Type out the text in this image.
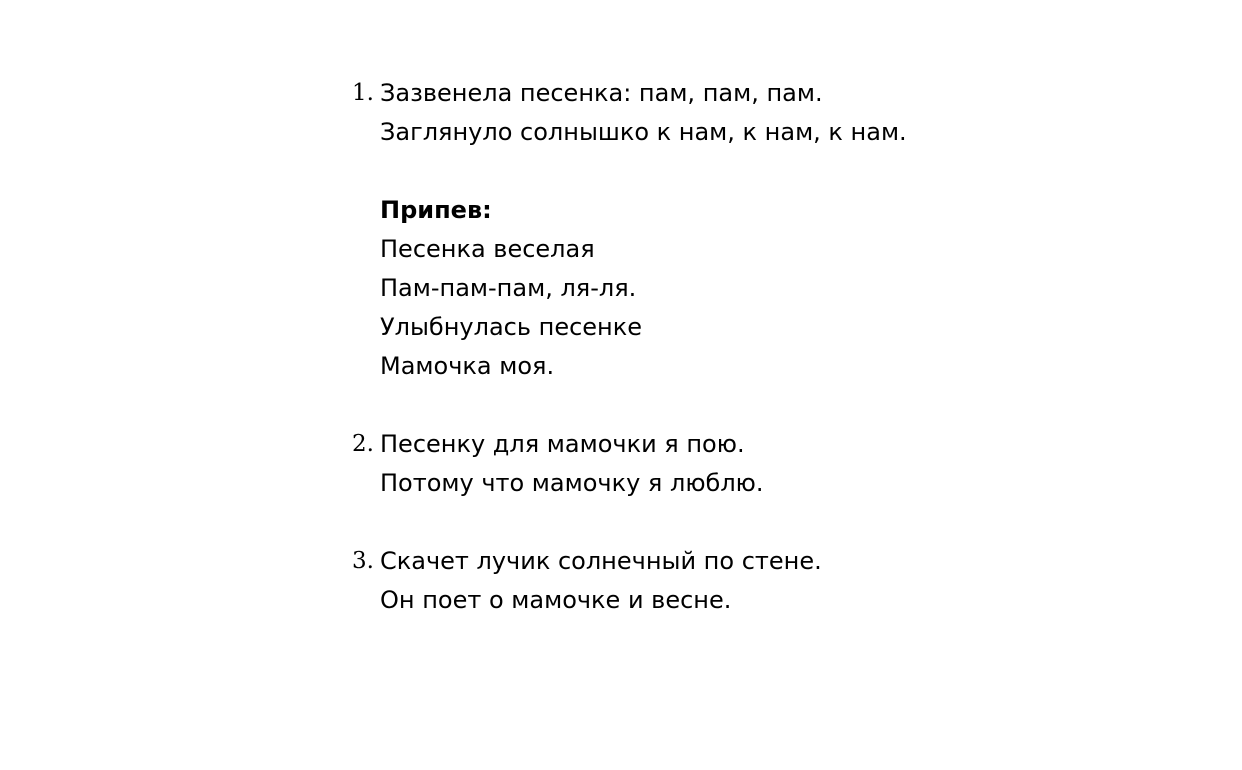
1. Зазвенела песенка: пам, пам, пам.
Заглянуло солнышко к нам, к нам, к нам.
Припев:
Песенка веселая
Пам-пам-пам, ля-ля.
Улыбнулась песенке
Мамочка моя.
2. Песенку для мамочки я пою.
Потому что мамочку я люблю.
3. Скачет лучик солнечный по стене.
Он поет о мамочке и весне.
